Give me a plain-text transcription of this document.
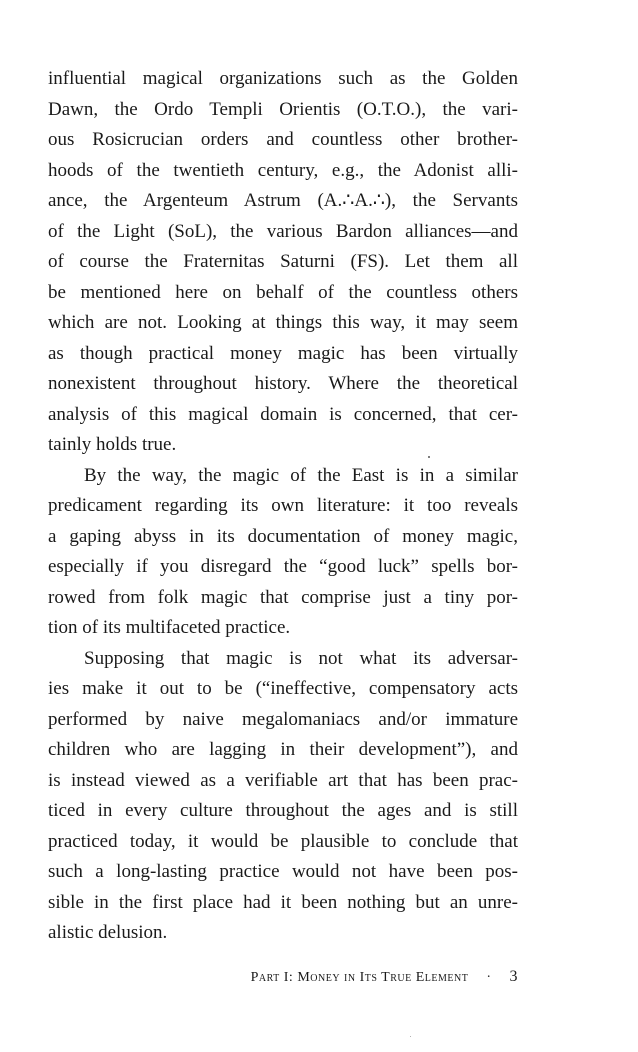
influential magical organizations such as the Golden
Dawn, the Ordo Templi Orientis (O.T.O.), the vari-
ous Rosicrucian orders and countless other brother-
hoods of the twentieth century, e.g., the Adonist alli-
ance, the Argenteum Astrum (A.∴A.∴), the Servants
of the Light (SoL), the various Bardon alliances—and
of course the Fraternitas Saturni (FS). Let them all
be mentioned here on behalf of the countless others
which are not. Looking at things this way, it may seem
as though practical money magic has been virtually
nonexistent throughout history. Where the theoretical
analysis of this magical domain is concerned, that cer-
tainly holds true.
By the way, the magic of the East is in a similar
predicament regarding its own literature: it too reveals
a gaping abyss in its documentation of money magic,
especially if you disregard the “good luck” spells bor-
rowed from folk magic that comprise just a tiny por-
tion of its multifaceted practice.
Supposing that magic is not what its adversar-
ies make it out to be (“ineffective, compensatory acts
performed by naive megalomaniacs and/or immature
children who are lagging in their development”), and
is instead viewed as a verifiable art that has been prac-
ticed in every culture throughout the ages and is still
practiced today, it would be plausible to conclude that
such a long-lasting practice would not have been pos-
sible in the first place had it been nothing but an unre-
alistic delusion.
Part I: Money in Its True Element · 3
